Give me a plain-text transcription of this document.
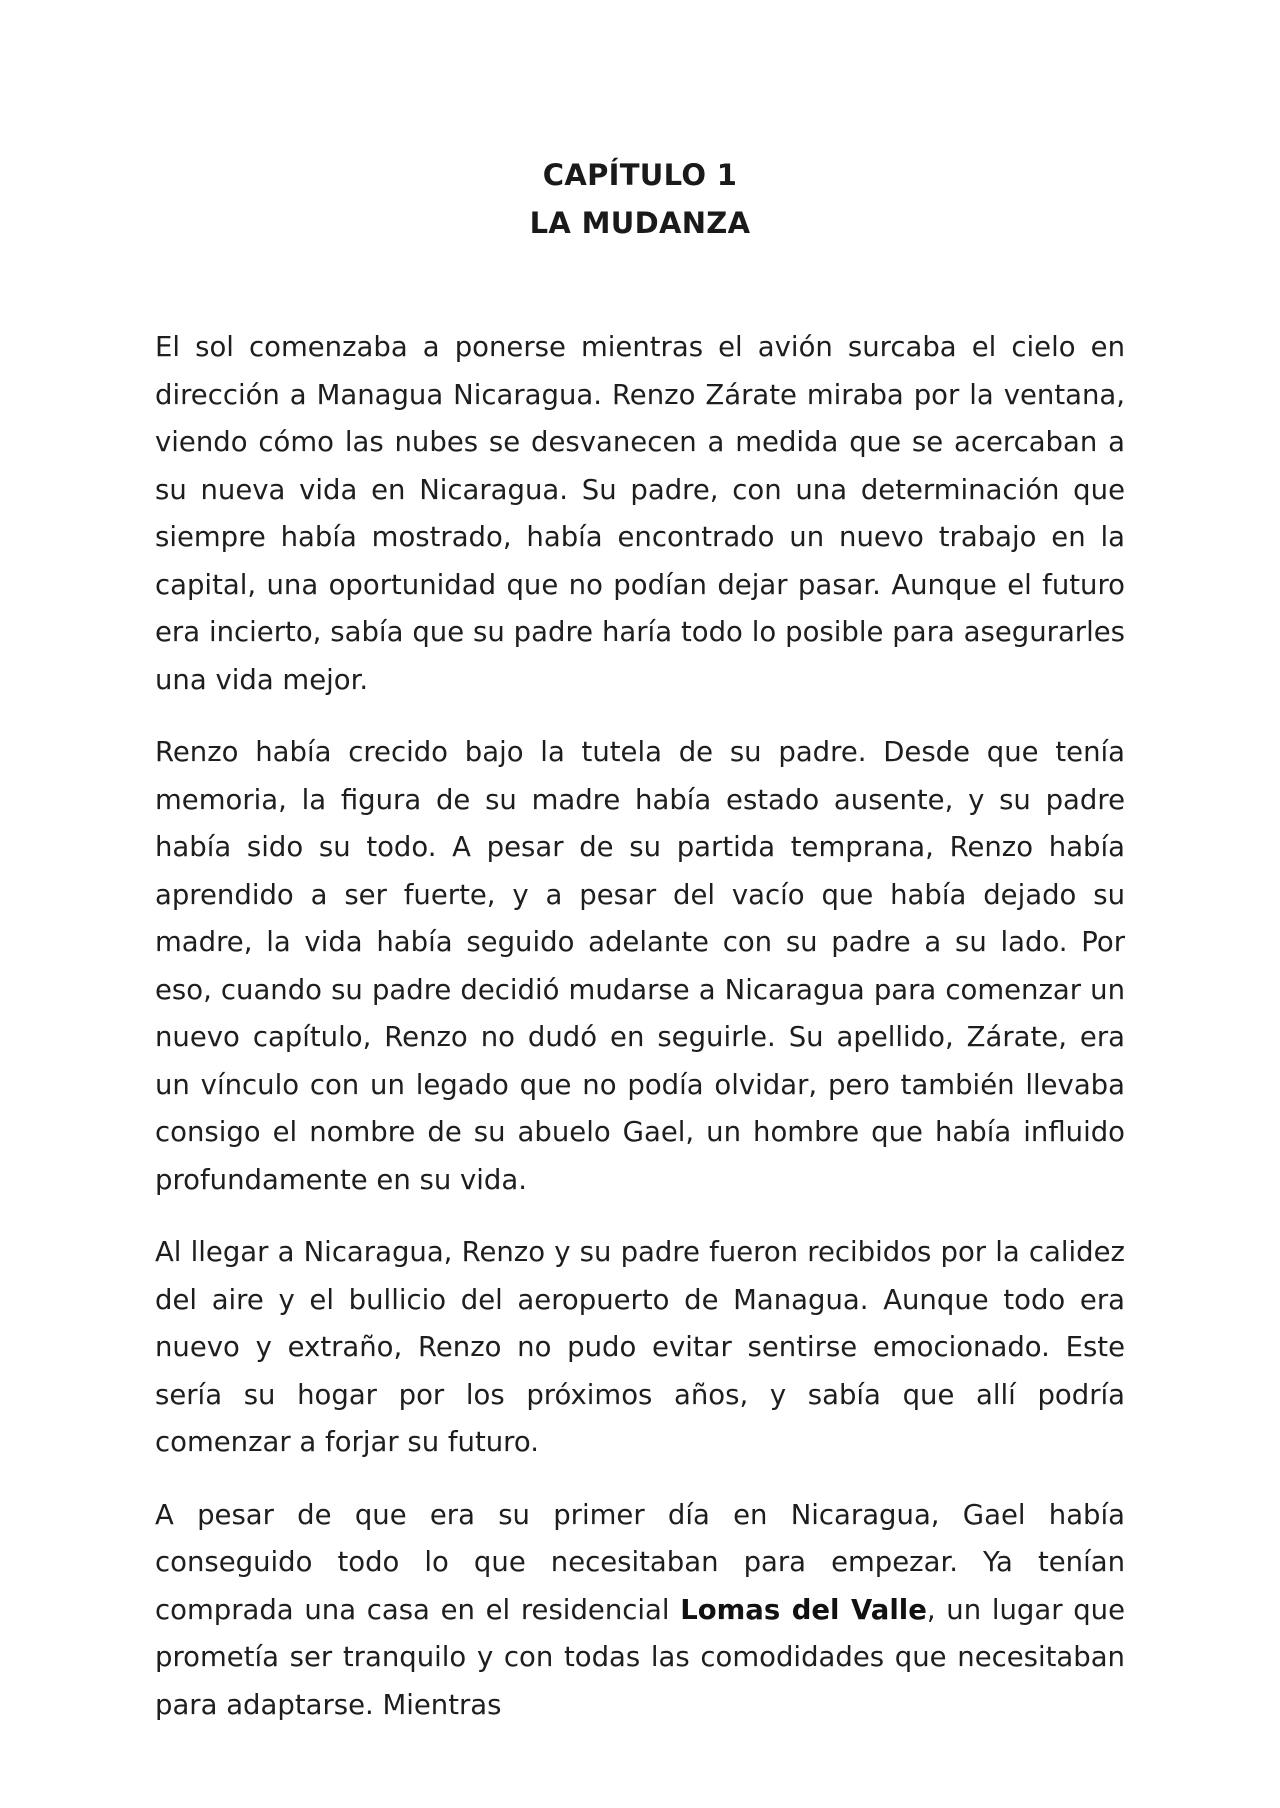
CAPÍTULO 1
LA MUDANZA

El sol comenzaba a ponerse mientras el avión surcaba el cielo en dirección a Managua Nicaragua. Renzo Zárate miraba por la ventana, viendo cómo las nubes se desvanecen a medida que se acercaban a su nueva vida en Nicaragua. Su padre, con una determinación que siempre había mostrado, había encontrado un nuevo trabajo en la capital, una oportunidad que no podían dejar pasar. Aunque el futuro era incierto, sabía que su padre haría todo lo posible para asegurarles una vida mejor.

Renzo había crecido bajo la tutela de su padre. Desde que tenía memoria, la figura de su madre había estado ausente, y su padre había sido su todo. A pesar de su partida temprana, Renzo había aprendido a ser fuerte, y a pesar del vacío que había dejado su madre, la vida había seguido adelante con su padre a su lado. Por eso, cuando su padre decidió mudarse a Nicaragua para comenzar un nuevo capítulo, Renzo no dudó en seguirle. Su apellido, Zárate, era un vínculo con un legado que no podía olvidar, pero también llevaba consigo el nombre de su abuelo Gael, un hombre que había influido profundamente en su vida.

Al llegar a Nicaragua, Renzo y su padre fueron recibidos por la calidez del aire y el bullicio del aeropuerto de Managua. Aunque todo era nuevo y extraño, Renzo no pudo evitar sentirse emocionado. Este sería su hogar por los próximos años, y sabía que allí podría comenzar a forjar su futuro.

A pesar de que era su primer día en Nicaragua, Gael había conseguido todo lo que necesitaban para empezar. Ya tenían comprada una casa en el residencial Lomas del Valle, un lugar que prometía ser tranquilo y con todas las comodidades que necesitaban para adaptarse. Mientras
